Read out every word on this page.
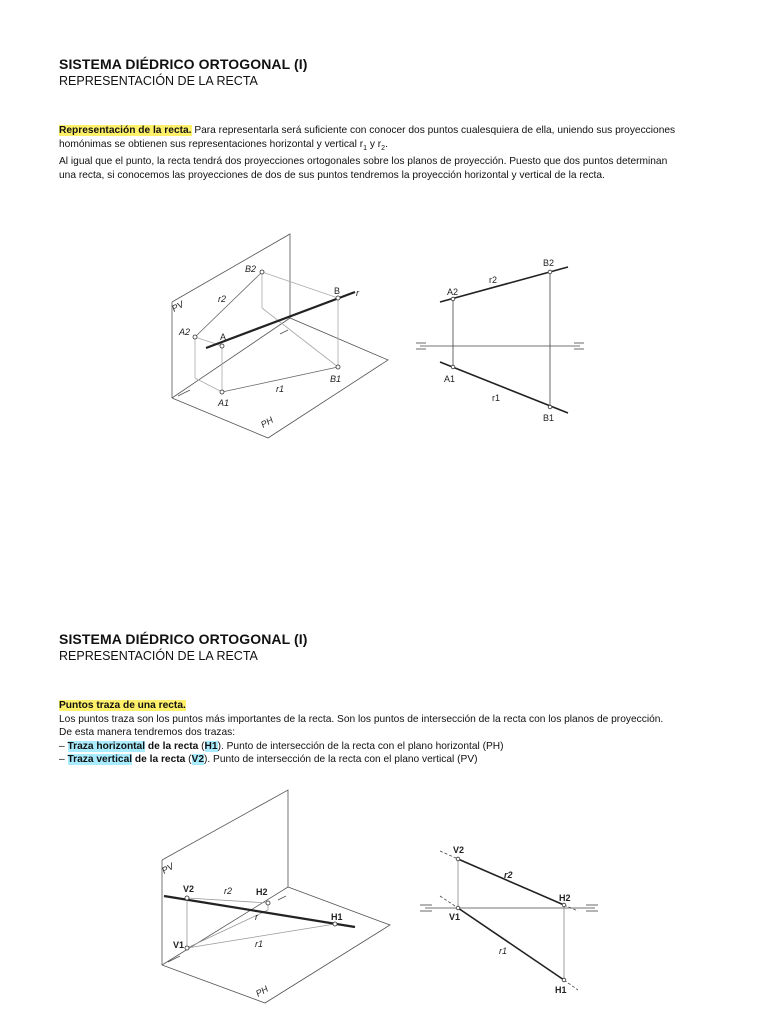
SISTEMA DIÉDRICO ORTOGONAL (I)
REPRESENTACIÓN DE LA RECTA
Representación de la recta. Para representarla será suficiente con conocer dos puntos cualesquiera de ella, uniendo sus proyecciones
homónimas se obtienen sus representaciones horizontal y vertical $r_1$ y $r_2$.
Al igual que el punto, la recta tendrá dos proyecciones ortogonales sobre los planos de proyección. Puesto que dos puntos determinan
una recta, si conocemos las proyecciones de dos de sus puntos tendremos la proyección horizontal y vertical de la recta.
PV
PH
B2
r2
B r
A2	A
r1
B1
A1
B2
r2
A2
A1
r1
B1
SISTEMA DIÉDRICO ORTOGONAL (I)
REPRESENTACIÓN DE LA RECTA
Puntos traza de una recta.
Los puntos traza son los puntos más importantes de la recta. Son los puntos de intersección de la recta con los planos de proyección.
De esta manera tendremos dos trazas:
– Traza horizontal de la recta (H1). Punto de intersección de la recta con el plano horizontal (PH)
– Traza vertical de la recta (V2). Punto de intersección de la recta con el plano vertical (PV)
PV
PH
V2	r2	H2
r	H1
V1	r1
V2
r2
H2
V1
r1
H1
